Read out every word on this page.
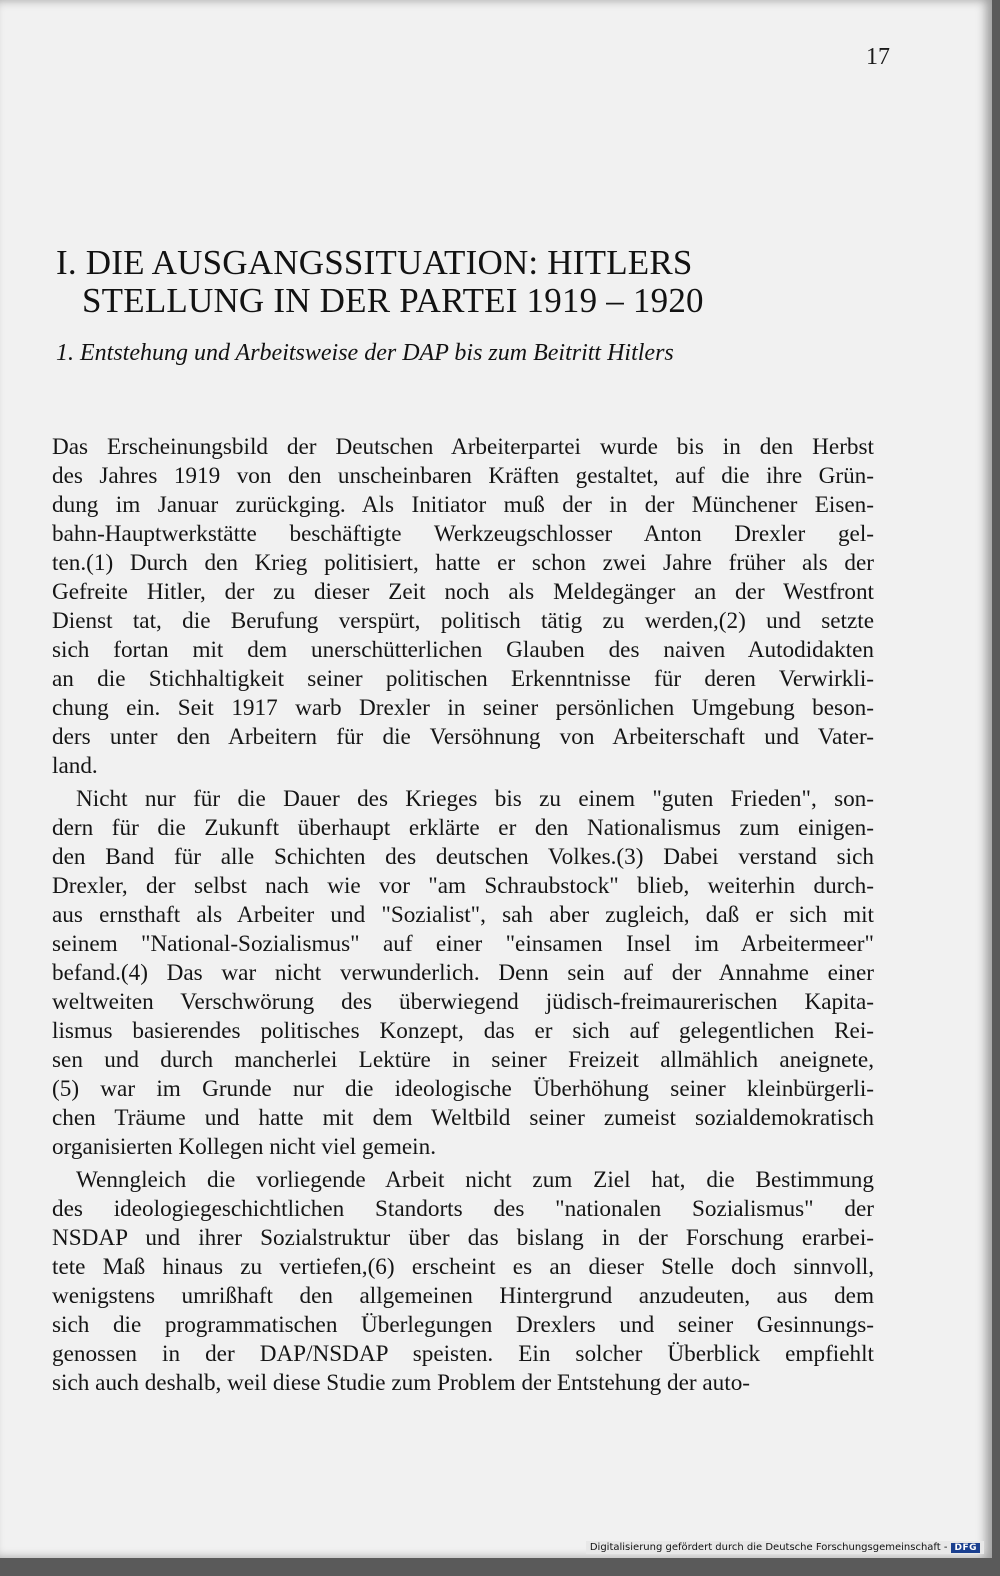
17
I. DIE AUSGANGSSITUATION: HITLERS
STELLUNG IN DER PARTEI 1919 – 1920
1. Entstehung und Arbeitsweise der DAP bis zum Beitritt Hitlers
Das Erscheinungsbild der Deutschen Arbeiterpartei wurde bis in den Herbst
des Jahres 1919 von den unscheinbaren Kräften gestaltet, auf die ihre Grün-
dung im Januar zurückging. Als Initiator muß der in der Münchener Eisen-
bahn-Hauptwerkstätte beschäftigte Werkzeugschlosser Anton Drexler gel-
ten.(1) Durch den Krieg politisiert, hatte er schon zwei Jahre früher als der
Gefreite Hitler, der zu dieser Zeit noch als Meldegänger an der Westfront
Dienst tat, die Berufung verspürt, politisch tätig zu werden,(2) und setzte
sich fortan mit dem unerschütterlichen Glauben des naiven Autodidakten
an die Stichhaltigkeit seiner politischen Erkenntnisse für deren Verwirkli-
chung ein. Seit 1917 warb Drexler in seiner persönlichen Umgebung beson-
ders unter den Arbeitern für die Versöhnung von Arbeiterschaft und Vater-
land.
Nicht nur für die Dauer des Krieges bis zu einem "guten Frieden", son-
dern für die Zukunft überhaupt erklärte er den Nationalismus zum einigen-
den Band für alle Schichten des deutschen Volkes.(3) Dabei verstand sich
Drexler, der selbst nach wie vor "am Schraubstock" blieb, weiterhin durch-
aus ernsthaft als Arbeiter und "Sozialist", sah aber zugleich, daß er sich mit
seinem "National-Sozialismus" auf einer "einsamen Insel im Arbeitermeer"
befand.(4) Das war nicht verwunderlich. Denn sein auf der Annahme einer
weltweiten Verschwörung des überwiegend jüdisch-freimaurerischen Kapita-
lismus basierendes politisches Konzept, das er sich auf gelegentlichen Rei-
sen und durch mancherlei Lektüre in seiner Freizeit allmählich aneignete,
(5) war im Grunde nur die ideologische Überhöhung seiner kleinbürgerli-
chen Träume und hatte mit dem Weltbild seiner zumeist sozialdemokratisch
organisierten Kollegen nicht viel gemein.
Wenngleich die vorliegende Arbeit nicht zum Ziel hat, die Bestimmung
des ideologiegeschichtlichen Standorts des "nationalen Sozialismus" der
NSDAP und ihrer Sozialstruktur über das bislang in der Forschung erarbei-
tete Maß hinaus zu vertiefen,(6) erscheint es an dieser Stelle doch sinnvoll,
wenigstens umrißhaft den allgemeinen Hintergrund anzudeuten, aus dem
sich die programmatischen Überlegungen Drexlers und seiner Gesinnungs-
genossen in der DAP/NSDAP speisten. Ein solcher Überblick empfiehlt
sich auch deshalb, weil diese Studie zum Problem der Entstehung der auto-
Digitalisierung gefördert durch die Deutsche Forschungsgemeinschaft - DFG
